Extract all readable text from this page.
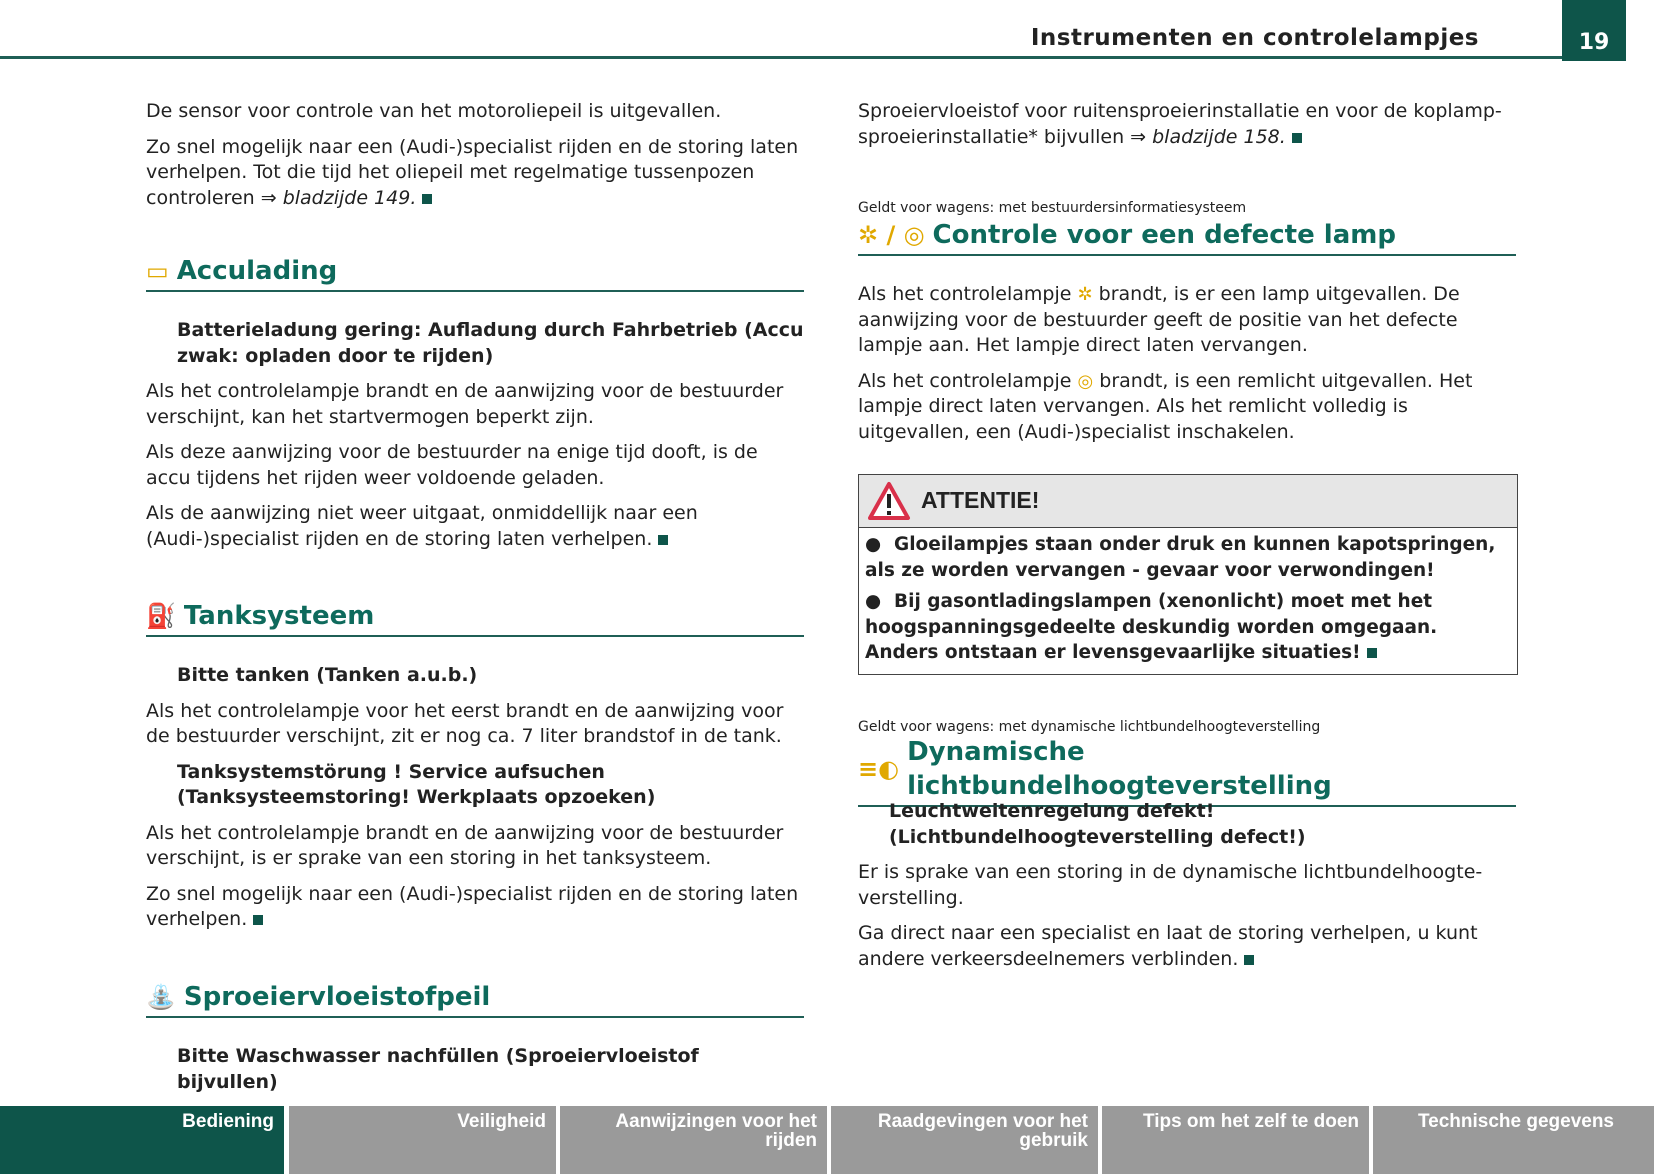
Instrumenten en controlelampjes	19

De sensor voor controle van het motoroliepeil is uitgevallen.

Zo snel mogelijk naar een (Audi-)specialist rijden en de storing laten verhelpen. Tot die tijd het oliepeil met regelmatige tussenpozen controleren ⇒ bladzijde 149.

▭ Acculading

Batterieladung gering: Aufladung durch Fahrbetrieb (Accu zwak: opladen door te rijden)

Als het controlelampje brandt en de aanwijzing voor de bestuurder verschijnt, kan het startvermogen beperkt zijn.

Als deze aanwijzing voor de bestuurder na enige tijd dooft, is de accu tijdens het rijden weer voldoende geladen.

Als de aanwijzing niet weer uitgaat, onmiddellijk naar een (Audi-)specialist rijden en de storing laten verhelpen.

⛽ Tanksysteem

Bitte tanken (Tanken a.u.b.)

Als het controlelampje voor het eerst brandt en de aanwijzing voor de bestuurder verschijnt, zit er nog ca. 7 liter brandstof in de tank.

Tanksystemstörung ! Service aufsuchen (Tanksysteemstoring! Werkplaats opzoeken)

Als het controlelampje brandt en de aanwijzing voor de bestuurder verschijnt, is er sprake van een storing in het tanksysteem.

Zo snel mogelijk naar een (Audi-)specialist rijden en de storing laten verhelpen.

⛲ Sproeiervloeistofpeil

Bitte Waschwasser nachfüllen (Sproeiervloeistof bijvullen)

Sproeiervloeistof voor ruitensproeierinstallatie en voor de koplamp-sproeierinstallatie* bijvullen ⇒ bladzijde 158.

Geldt voor wagens: met bestuurdersinformatiesysteem
✲ / ◎ Controle voor een defecte lamp

Als het controlelampje ✲ brandt, is er een lamp uitgevallen. De aanwijzing voor de bestuurder geeft de positie van het defecte lampje aan. Het lampje direct laten vervangen.

Als het controlelampje ◎ brandt, is een remlicht uitgevallen. Het lampje direct laten vervangen. Als het remlicht volledig is uitgevallen, een (Audi-)specialist inschakelen.

ATTENTIE!

●  Gloeilampjes staan onder druk en kunnen kapotspringen, als ze worden vervangen - gevaar voor verwondingen!

●  Bij gasontladingslampen (xenonlicht) moet met het hoogspanningsgedeelte deskundig worden omgegaan. Anders ontstaan er levensgevaarlijke situaties!

Geldt voor wagens: met dynamische lichtbundelhoogteverstelling
≡◐
Dynamische lichtbundelhoogteverstelling

Leuchtweitenregelung defekt! (Lichtbundelhoogteverstelling defect!)

Er is sprake van een storing in de dynamische lichtbundelhoogte-verstelling.

Ga direct naar een specialist en laat de storing verhelpen, u kunt andere verkeersdeelnemers verblinden.

Bediening	Veiligheid	Aanwijzingen voor het rijden
Raadgevingen voor het gebruik
Tips om het zelf te doen	Technische gegevens
